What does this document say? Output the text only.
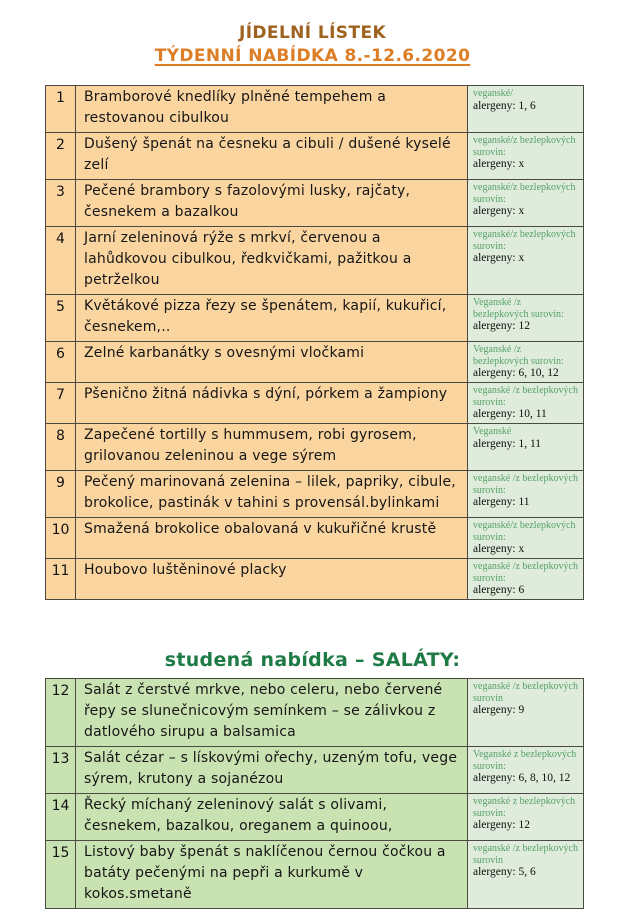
JÍDELNÍ LÍSTEK
TÝDENNÍ NABÍDKA 8.-12.6.2020
1	Bramborové knedlíky plněné tempehem a restovanou cibulkou	veganské/
alergeny: 1, 6

2	Dušený špenát na česneku a cibuli / dušené kyselé zelí	veganské/z bezlepkových surovin:
alergeny: x

3	Pečené brambory s fazolovými lusky, rajčaty, česnekem a bazalkou	veganské/z bezlepkových surovin:
alergeny: x

4	Jarní zeleninová rýže s mrkví, červenou a lahůdkovou cibulkou, ředkvičkami, pažitkou a petrželkou	veganské/z bezlepkových surovin:
alergeny: x

5	Květákové pizza řezy se špenátem, kapií, kukuřicí, česnekem,..	Veganské /z bezlepkových surovin:
alergeny: 12

6	Zelné karbanátky s ovesnými vločkami	Veganské /z bezlepkových surovin:
alergeny: 6, 10, 12

7	Pšenično žitná nádivka s dýní, pórkem a žampiony	veganské /z bezlepkových surovin:
alergeny: 10, 11

8	Zapečené tortilly s hummusem, robi gyrosem, grilovanou zeleninou a vege sýrem	Veganské
alergeny: 1, 11

9	Pečený marinovaná zelenina – lilek, papriky, cibule, brokolice, pastinák v tahini s provensál.bylinkami	veganské /z bezlepkových surovin:
alergeny: 11

10	Smažená brokolice obalovaná v kukuřičné krustě	veganské/z bezlepkových surovin:
alergeny: x

11	Houbovo luštěninové placky	veganské /z bezlepkových surovin:
alergeny: 6
studená nabídka – SALÁTY:
12	Salát z čerstvé mrkve, nebo celeru, nebo červené řepy se slunečnicovým semínkem – se zálivkou z datlového sirupu a balsamica	veganské /z bezlepkových surovin
alergeny: 9

13	Salát cézar – s lískovými ořechy, uzeným tofu, vege sýrem, krutony a sojanézou	Veganské z bezlepkových surovin:
alergeny: 6, 8, 10, 12

14	Řecký míchaný zeleninový salát s olivami, česnekem, bazalkou, oreganem a quinoou,	veganské z bezlepkových surovin:
alergeny: 12

15	Listový baby špenát s naklíčenou černou čočkou a batáty pečenými na pepři a kurkumě v kokos.smetaně	veganské /z bezlepkových surovin
alergeny: 5, 6
